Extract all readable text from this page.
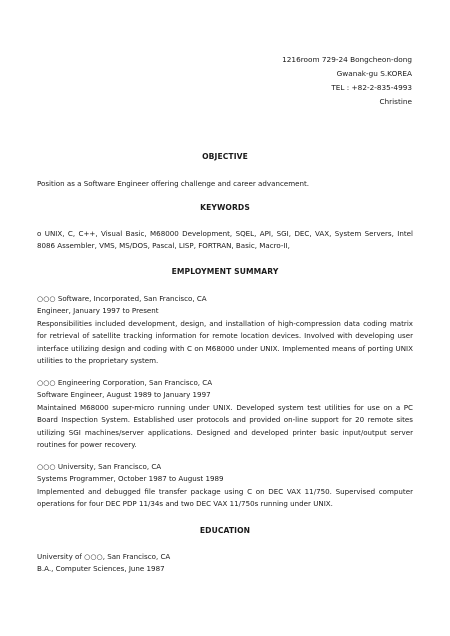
1216room 729-24 Bongcheon-dong
Gwanak-gu S.KOREA
TEL : +82-2-835-4993
Christine
OBJECTIVE
Position as a Software Engineer offering challenge and career advancement.
KEYWORDS
o UNIX, C, C++, Visual Basic, M68000 Development, SQEL, API, SGI, DEC, VAX, System Servers, Intel 8086 Assembler, VMS, MS/DOS, Pascal, LISP, FORTRAN, Basic, Macro-II,
EMPLOYMENT SUMMARY
○○○ Software, Incorporated, San Francisco, CA
Engineer, January 1997 to Present
Responsibilities included development, design, and installation of high-compression data coding matrix for retrieval of satellite tracking information for remote location devices. Involved with developing user interface utilizing design and coding with C on M68000 under UNIX. Implemented means of porting UNIX utilities to the proprietary system.
○○○ Engineering Corporation, San Francisco, CA
Software Engineer, August 1989 to January 1997
Maintained M68000 super-micro running under UNIX. Developed system test utilities for use on a PC Board Inspection System. Established user protocols and provided on-line support for 20 remote sites utilizing SGI machines/server applications. Designed and developed printer basic input/output server routines for power recovery.
○○○ University, San Francisco, CA
Systems Programmer, October 1987 to August 1989
Implemented and debugged file transfer package using C on DEC VAX 11/750. Supervised computer operations for four DEC PDP 11/34s and two DEC VAX 11/750s running under UNIX.
EDUCATION
University of ○○○, San Francisco, CA
B.A., Computer Sciences, June 1987
